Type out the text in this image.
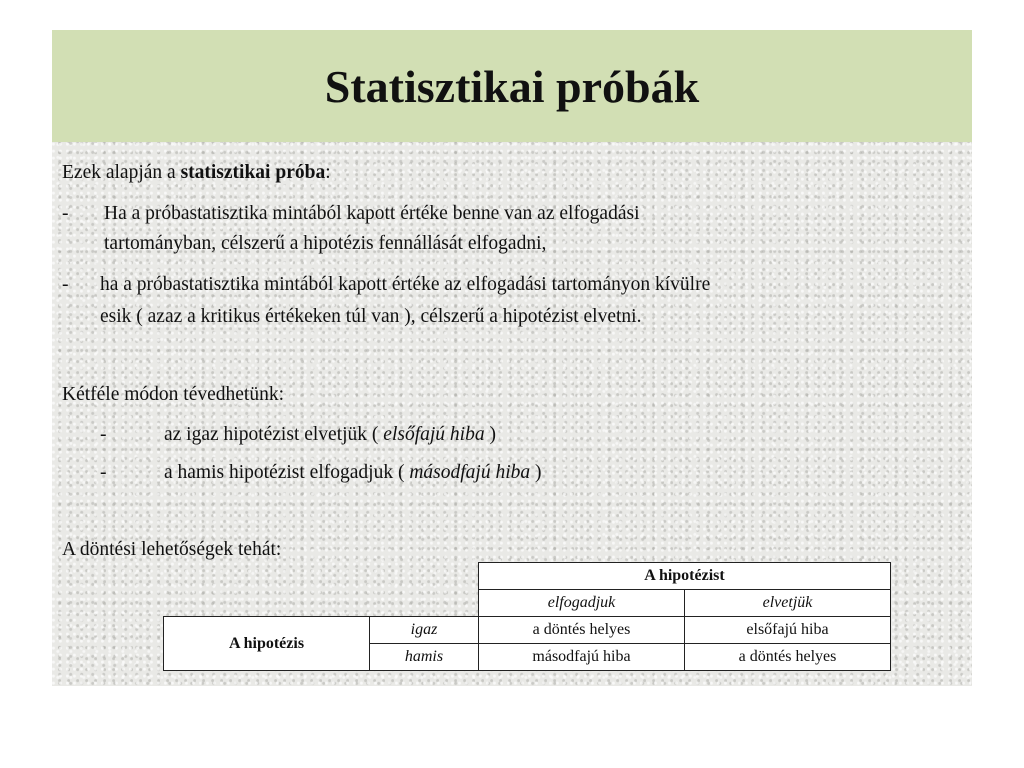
Statisztikai próbák
Ezek alapján a statisztikai próba:
- Ha a próbastatisztika mintából kapott értéke benne van az elfogadási
tartományban, célszerű a hipotézis fennállását elfogadni,
- ha a próbastatisztika mintából kapott értéke az elfogadási tartományon kívülre
esik ( azaz a kritikus értékeken túl van ), célszerű a hipotézist elvetni.
Kétféle módon tévedhetünk:
-	az igaz hipotézist elvetjük ( elsőfajú hiba )
-	a hamis hipotézist elfogadjuk ( másodfajú hiba )
A döntési lehetőségek tehát:
		A hipotézist	
		elfogadjuk	elvetjük
A hipotézis	igaz	a döntés helyes	elsőfajú hiba
	hamis	másodfajú hiba	a döntés helyes
